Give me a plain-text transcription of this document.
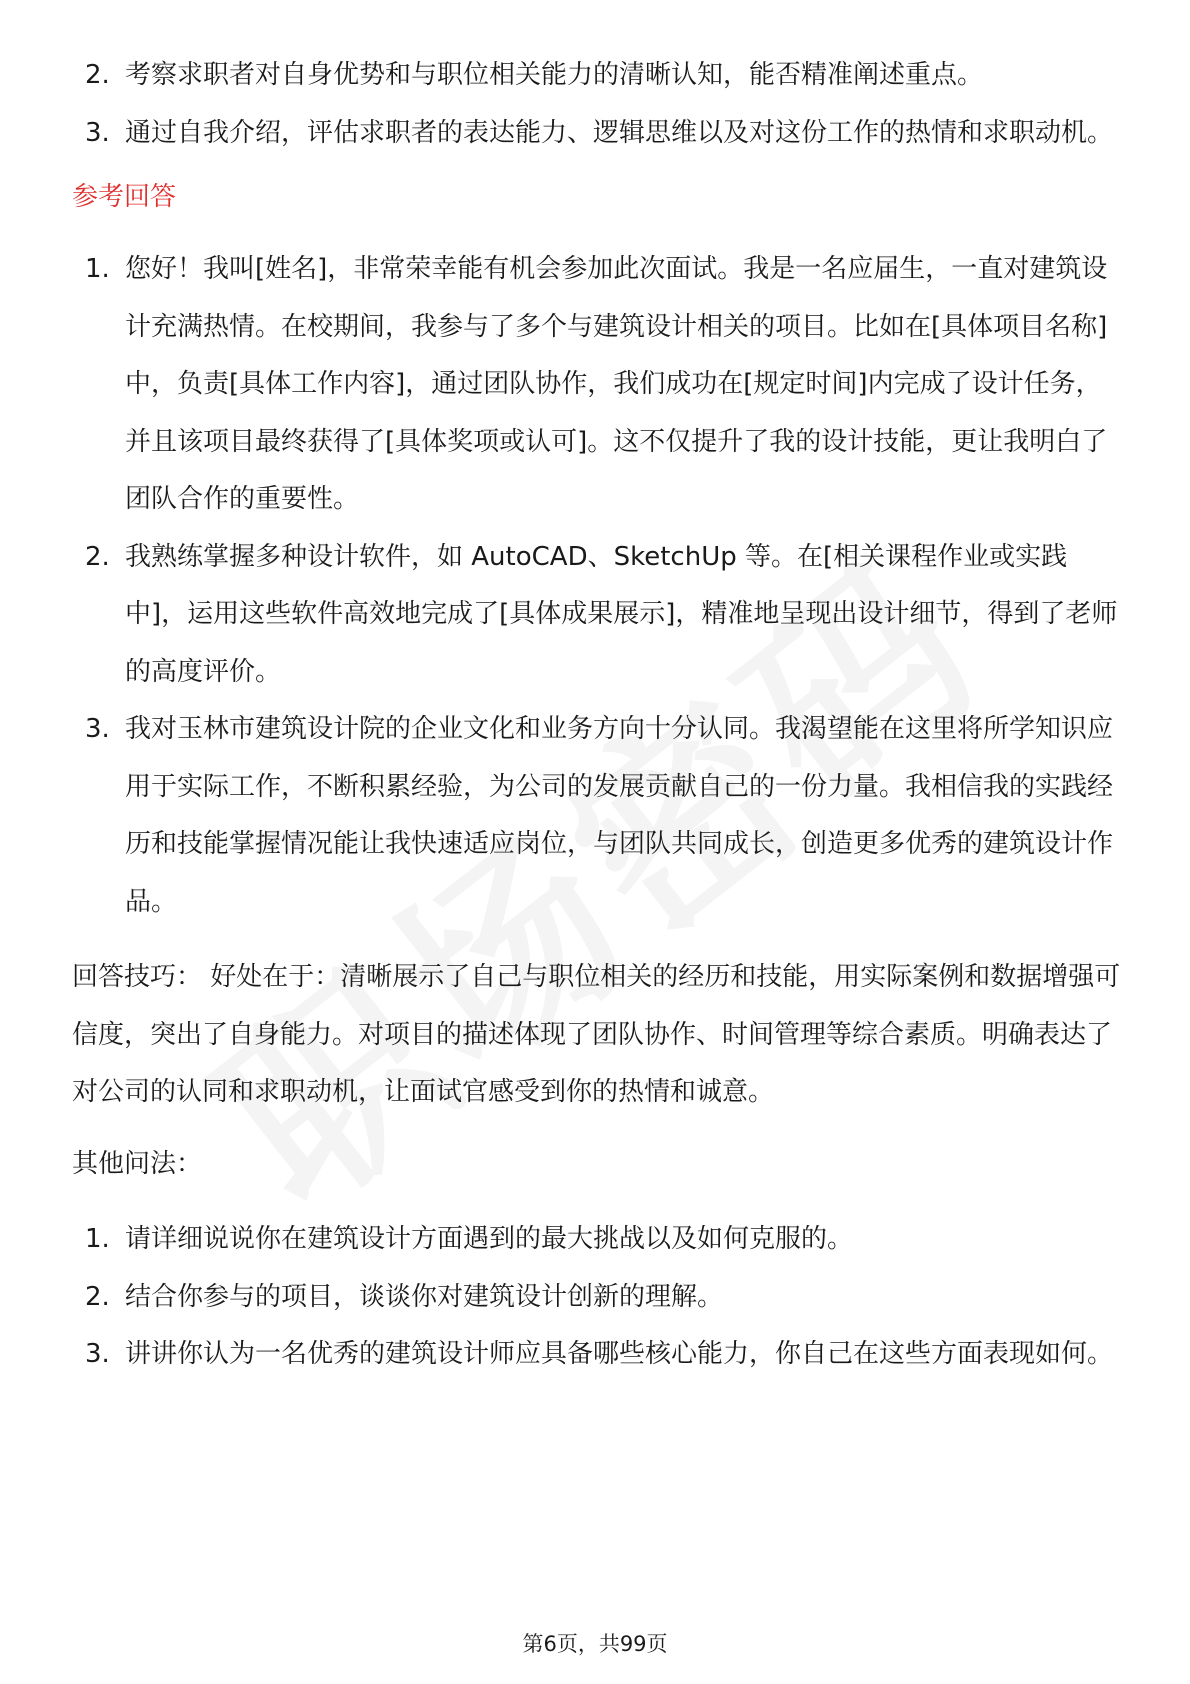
2. 考察求职者对自身优势和与职位相关能力的清晰认知，能否精准阐述重点。
3. 通过自我介绍，评估求职者的表达能力、逻辑思维以及对这份工作的热情和求职动机。
参考回答
1. 您好！我叫[姓名]，非常荣幸能有机会参加此次面试。我是一名应届生，一直对建筑设计充满热情。在校期间，我参与了多个与建筑设计相关的项目。比如在[具体项目名称]中，负责[具体工作内容]，通过团队协作，我们成功在[规定时间]内完成了设计任务，并且该项目最终获得了[具体奖项或认可]。这不仅提升了我的设计技能，更让我明白了团队合作的重要性。
2. 我熟练掌握多种设计软件，如 AutoCAD、SketchUp 等。在[相关课程作业或实践中]，运用这些软件高效地完成了[具体成果展示]，精准地呈现出设计细节，得到了老师的高度评价。
3. 我对玉林市建筑设计院的企业文化和业务方向十分认同。我渴望能在这里将所学知识应用于实际工作，不断积累经验，为公司的发展贡献自己的一份力量。我相信我的实践经历和技能掌握情况能让我快速适应岗位，与团队共同成长，创造更多优秀的建筑设计作品。

回答技巧： 好处在于：清晰展示了自己与职位相关的经历和技能，用实际案例和数据增强可信度，突出了自身能力。对项目的描述体现了团队协作、时间管理等综合素质。明确表达了对公司的认同和求职动机，让面试官感受到你的热情和诚意。

其他问法：

1. 请详细说说你在建筑设计方面遇到的最大挑战以及如何克服的。
2. 结合你参与的项目，谈谈你对建筑设计创新的理解。
3. 讲讲你认为一名优秀的建筑设计师应具备哪些核心能力，你自己在这些方面表现如何。
第6页，共99页
